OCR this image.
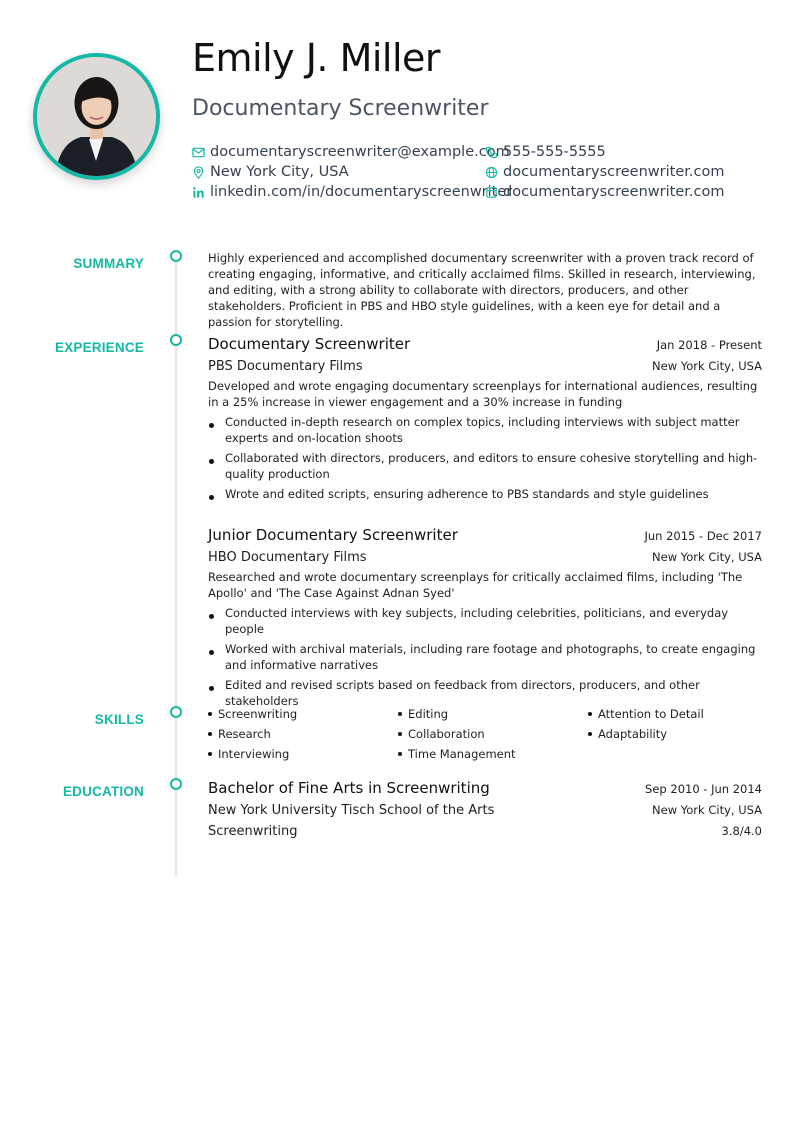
Emily J. Miller
Documentary Screenwriter
documentaryscreenwriter@example.com
555-555-5555
New York City, USA	documentaryscreenwriter.com
linkedin.com/in/documentaryscreenwriter
documentaryscreenwriter.com
SUMMARY	Highly experienced and accomplished documentary screenwriter with a proven track record of creating engaging, informative, and critically acclaimed films. Skilled in research, interviewing, and editing, with a strong ability to collaborate with directors, producers, and other stakeholders. Proficient in PBS and HBO style guidelines, with a keen eye for detail and a passion for storytelling.
EXPERIENCE	Documentary Screenwriter	Jan 2018 - Present
PBS Documentary Films	New York City, USA
Developed and wrote engaging documentary screenplays for international audiences, resulting in a 25% increase in viewer engagement and a 30% increase in funding
Conducted in-depth research on complex topics, including interviews with subject matter experts and on-location shoots
Collaborated with directors, producers, and editors to ensure cohesive storytelling and high-quality production
Wrote and edited scripts, ensuring adherence to PBS standards and style guidelines
Junior Documentary Screenwriter	Jun 2015 - Dec 2017
HBO Documentary Films	New York City, USA
Researched and wrote documentary screenplays for critically acclaimed films, including 'The Apollo' and 'The Case Against Adnan Syed'
Conducted interviews with key subjects, including celebrities, politicians, and everyday people
Worked with archival materials, including rare footage and photographs, to create engaging and informative narratives
Edited and revised scripts based on feedback from directors, producers, and other stakeholders
SKILLS	Screenwriting	Editing	Attention to Detail
Research	Collaboration	Adaptability
Interviewing	Time Management
EDUCATION	Bachelor of Fine Arts in Screenwriting	Sep 2010 - Jun 2014
New York University Tisch School of the Arts	New York City, USA
Screenwriting	3.8/4.0
